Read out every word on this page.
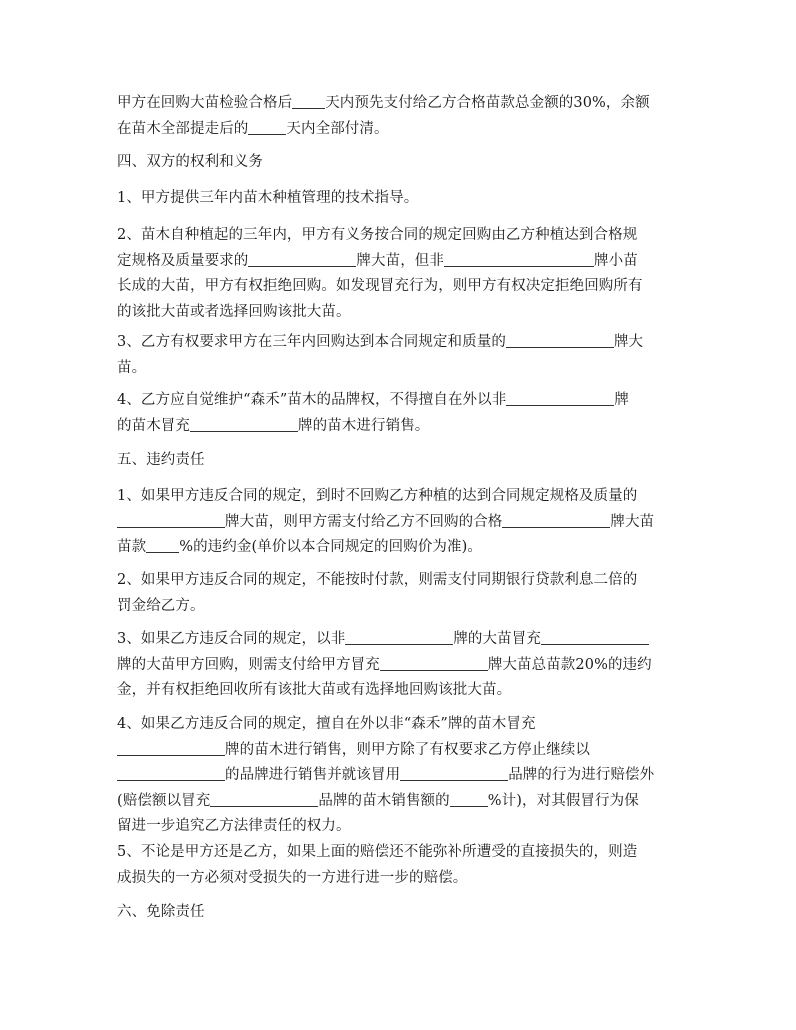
甲方在回购大苗检验合格后 天内预先支付给乙方合格苗款总金额的30%，余额
在苗木全部提走后的	天内全部付清。
四、双方的权利和义务
1、甲方提供三年内苗木种植管理的技术指导。
2、苗木自种植起的三年内，甲方有义务按合同的规定回购由乙方种植达到合格规
定规格及质量要求的	牌大苗，但非	牌小苗
长成的大苗，甲方有权拒绝回购。如发现冒充行为，则甲方有权决定拒绝回购所有
的该批大苗或者选择回购该批大苗。
3、乙方有权要求甲方在三年内回购达到本合同规定和质量的	牌大
苗。
4、乙方应自觉维护“森禾”苗木的品牌权，不得擅自在外以非	牌
的苗木冒充	牌的苗木进行销售。
五、违约责任
1、如果甲方违反合同的规定，到时不回购乙方种植的达到合同规定规格及质量的
牌大苗，则甲方需支付给乙方不回购的合格	牌大苗
苗款 %的违约金(单价以本合同规定的回购价为准)。
2、如果甲方违反合同的规定，不能按时付款，则需支付同期银行贷款利息二倍的
罚金给乙方。
3、如果乙方违反合同的规定，以非	牌的大苗冒充
牌的大苗甲方回购，则需支付给甲方冒充	牌大苗总苗款20%的违约
金，并有权拒绝回收所有该批大苗或有选择地回购该批大苗。
4、如果乙方违反合同的规定，擅自在外以非“森禾”牌的苗木冒充
牌的苗木进行销售，则甲方除了有权要求乙方停止继续以
的品牌进行销售并就该冒用	品牌的行为进行赔偿外
(赔偿额以冒充	品牌的苗木销售额的	%计)，对其假冒行为保
留进一步追究乙方法律责任的权力。
5、不论是甲方还是乙方，如果上面的赔偿还不能弥补所遭受的直接损失的，则造
成损失的一方必须对受损失的一方进行进一步的赔偿。
六、免除责任
